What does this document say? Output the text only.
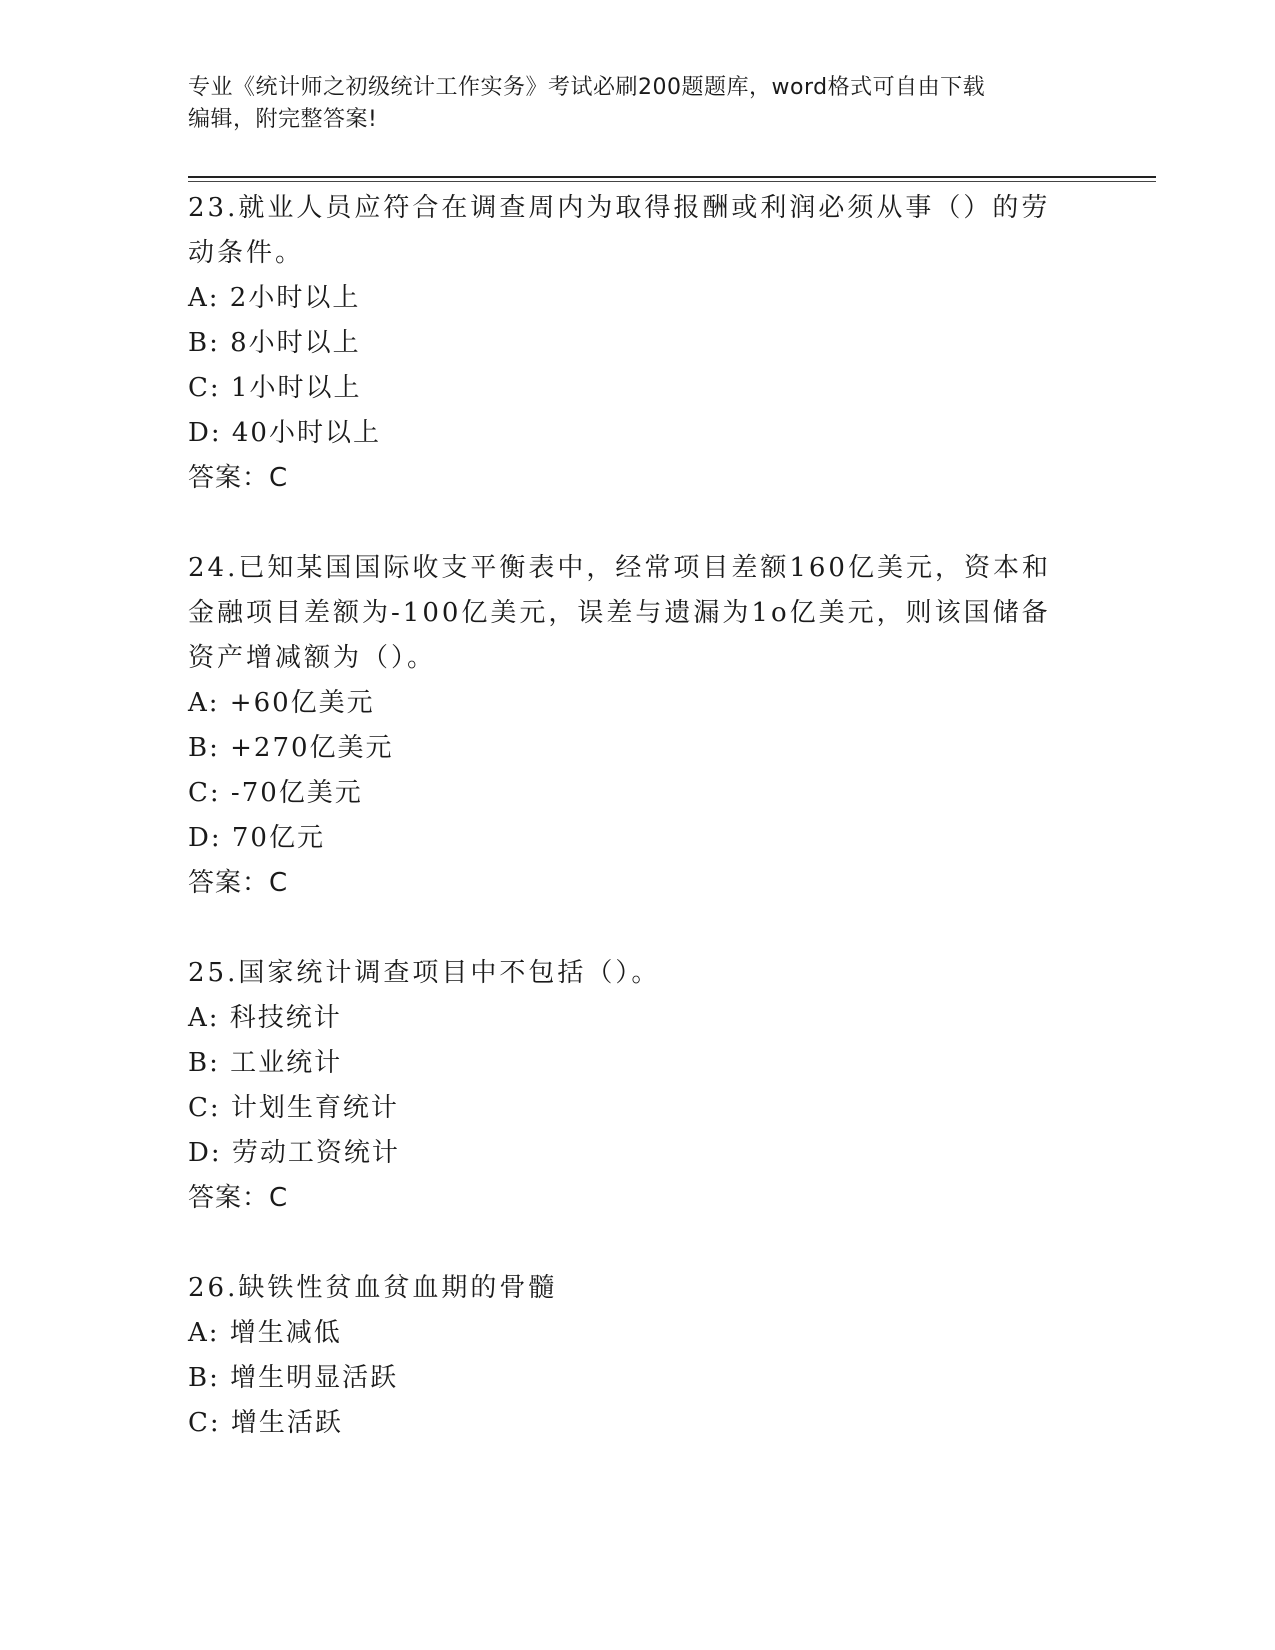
专业《统计师之初级统计工作实务》考试必刷200题题库，word格式可自由下载
编辑，附完整答案!
23.就业人员应符合在调查周内为取得报酬或利润必须从事（）的劳动条件。
A: 2小时以上
B: 8小时以上
C: 1小时以上
D: 40小时以上
答案：C
24.已知某国国际收支平衡表中，经常项目差额160亿美元，资本和金融项目差额为-100亿美元，误差与遗漏为1o亿美元，则该国储备资产增减额为（）。
A: +60亿美元
B: +270亿美元
C: -70亿美元
D: 70亿元
答案：C
25.国家统计调查项目中不包括（）。
A: 科技统计
B: 工业统计
C: 计划生育统计
D: 劳动工资统计
答案：C
26.缺铁性贫血贫血期的骨髓
A: 增生减低
B: 增生明显活跃
C: 增生活跃
